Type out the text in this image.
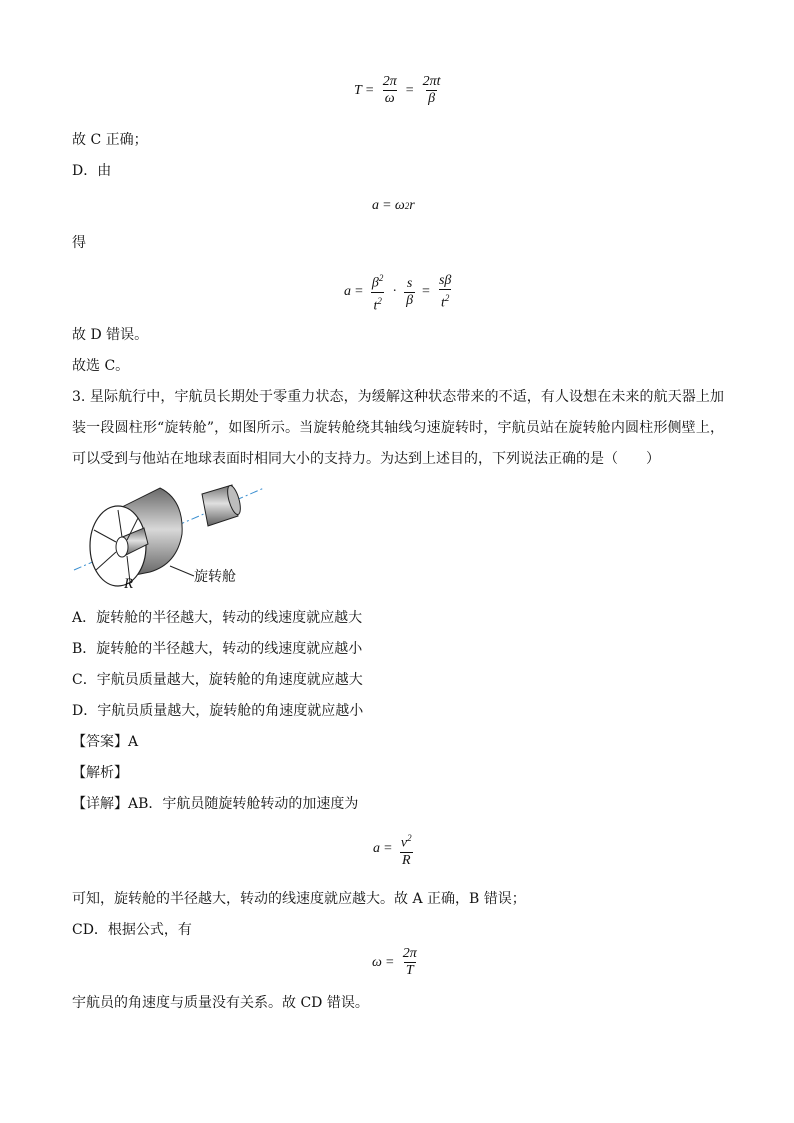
$T = \frac{2\pi}{\omega} = \frac{2\pi t}{\beta}$
故 C 正确；
D．由
a = ω 2 r
得
$a = \frac{\beta^2}{t^2} \cdot \frac{s}{\beta} = \frac{s\beta}{t^2}$
故 D 错误。
故选 C。
3. 星际航行中，宇航员长期处于零重力状态，为缓解这种状态带来的不适，有人设想在未来的航天器上加装一段圆柱形“旋转舱”，如图所示。当旋转舱绕其轴线匀速旋转时，宇航员站在旋转舱内圆柱形侧壁上，可以受到与他站在地球表面时相同大小的支持力。为达到上述目的，下列说法正确的是（　　）
R	旋转舱
A．旋转舱的半径越大，转动的线速度就应越大
B．旋转舱的半径越大，转动的线速度就应越小
C．宇航员质量越大，旋转舱的角速度就应越大
D．宇航员质量越大，旋转舱的角速度就应越小
【答案】A
【解析】
【详解】AB．宇航员随旋转舱转动的加速度为
$a = \frac{v^2}{R}$
可知，旋转舱的半径越大，转动的线速度就应越大。故 A 正确，B 错误；
CD．根据公式，有
$\omega = \frac{2\pi}{T}$
宇航员的角速度与质量没有关系。故 CD 错误。
